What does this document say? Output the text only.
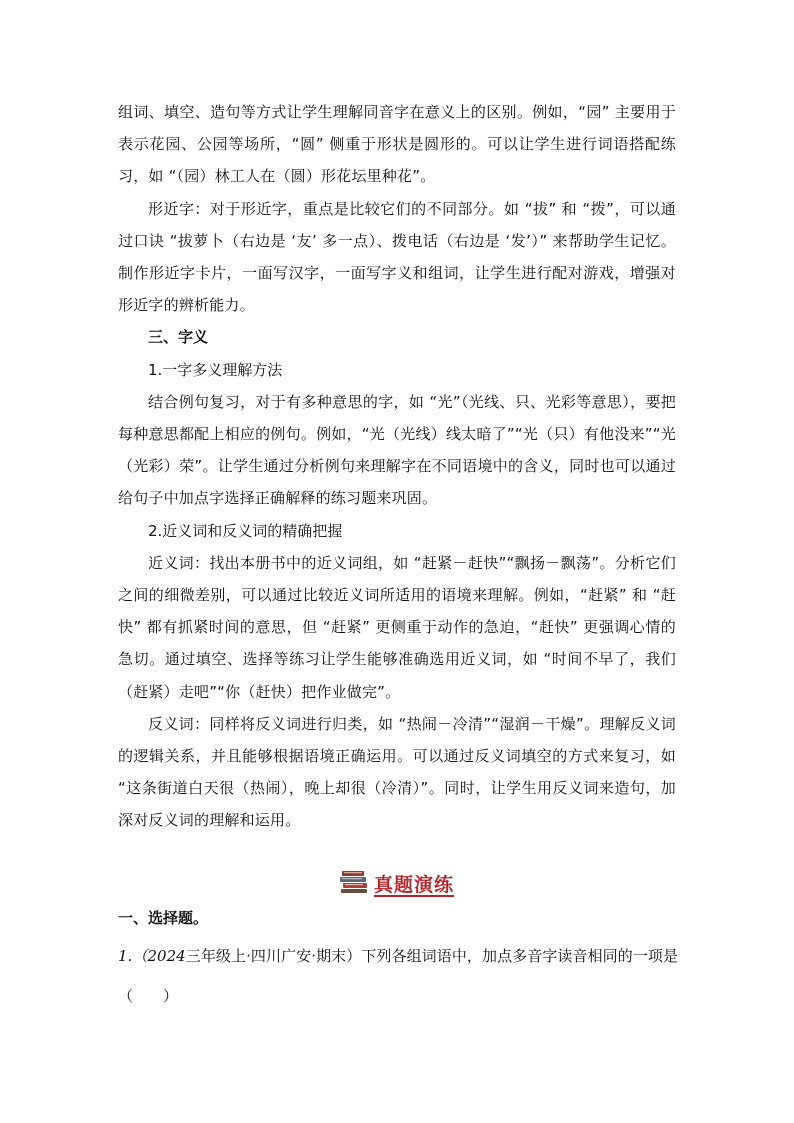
组词、填空、造句等方式让学生理解同音字在意义上的区别。例如，“园” 主要用于表示花园、公园等场所，“圆” 侧重于形状是圆形的。可以让学生进行词语搭配练习，如 “（园）林工人在（圆）形花坛里种花”。

形近字：对于形近字，重点是比较它们的不同部分。如 “拔” 和 “拨”，可以通过口诀 “拔萝卜（右边是 ‘友’ 多一点）、拨电话（右边是 ‘发’）” 来帮助学生记忆。制作形近字卡片，一面写汉字，一面写字义和组词，让学生进行配对游戏，增强对形近字的辨析能力。

三、字义

1.一字多义理解方法

结合例句复习，对于有多种意思的字，如 “光”（光线、只、光彩等意思），要把每种意思都配上相应的例句。例如，“光（光线）线太暗了”“光（只）有他没来”“光（光彩）荣”。让学生通过分析例句来理解字在不同语境中的含义，同时也可以通过给句子中加点字选择正确解释的练习题来巩固。

2.近义词和反义词的精确把握

近义词：找出本册书中的近义词组，如 “赶紧－赶快”“飘扬－飘荡”。分析它们之间的细微差别，可以通过比较近义词所适用的语境来理解。例如，“赶紧” 和 “赶快” 都有抓紧时间的意思，但 “赶紧” 更侧重于动作的急迫，“赶快” 更强调心情的急切。通过填空、选择等练习让学生能够准确选用近义词，如 “时间不早了，我们（赶紧）走吧”“你（赶快）把作业做完”。

反义词：同样将反义词进行归类，如 “热闹－冷清”“湿润－干燥”。理解反义词的逻辑关系，并且能够根据语境正确运用。可以通过反义词填空的方式来复习，如 “这条街道白天很（热闹），晚上却很（冷清）”。同时，让学生用反义词来造句，加深对反义词的理解和运用。

真题演练

一、选择题。

1.（2024三年级上·四川广安·期末）下列各组词语中，加点多音字读音相同的一项是（　　）
